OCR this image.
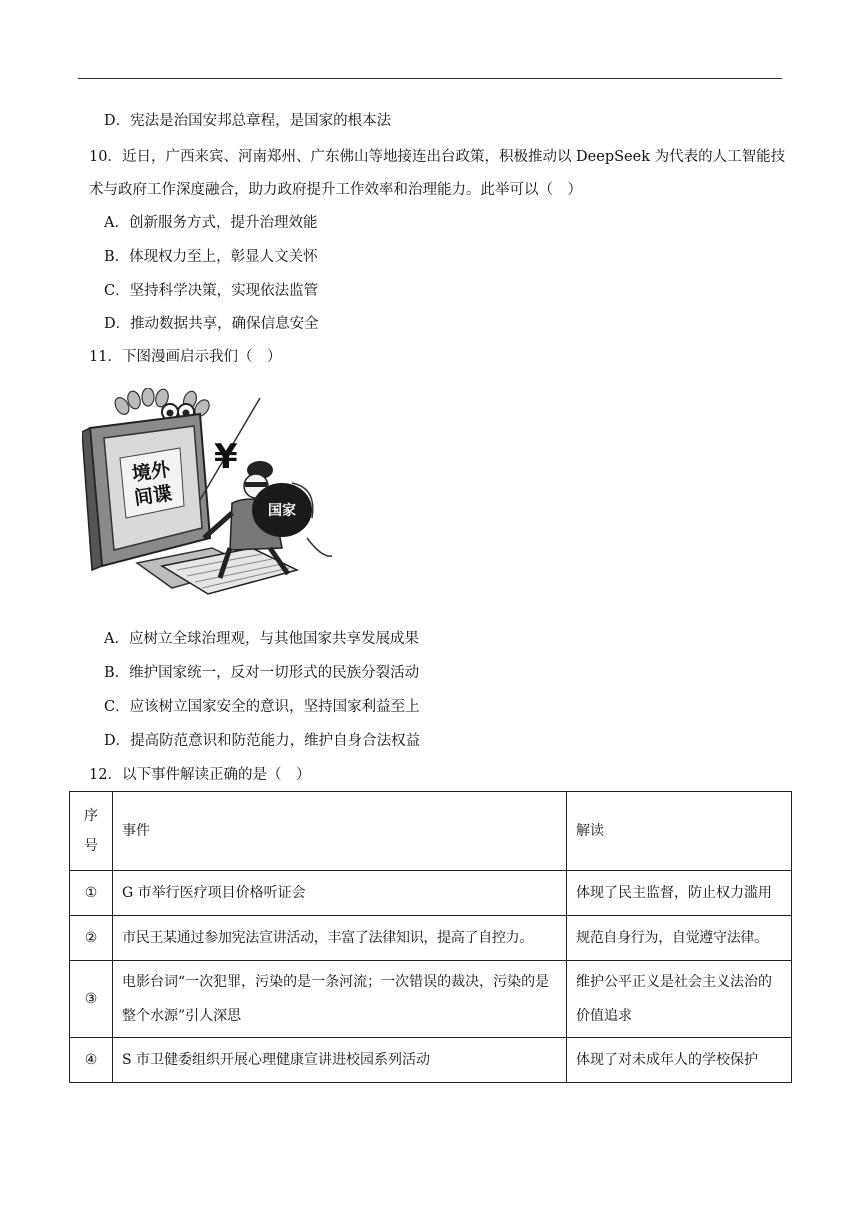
D．宪法是治国安邦总章程，是国家的根本法
10．近日，广西来宾、河南郑州、广东佛山等地接连出台政策，积极推动以 DeepSeek 为代表的人工智能技
术与政府工作深度融合，助力政府提升工作效率和治理能力。此举可以（　）
A．创新服务方式，提升治理效能
B．体现权力至上，彰显人文关怀
C．坚持科学决策，实现依法监管
D．推动数据共享，确保信息安全
11．下图漫画启示我们（　）
境外
间谍
¥
国家
A．应树立全球治理观，与其他国家共享发展成果
B．维护国家统一，反对一切形式的民族分裂活动
C．应该树立国家安全的意识，坚持国家利益至上
D．提高防范意识和防范能力，维护自身合法权益
12．以下事件解读正确的是（　）
序
号	事件	解读
①	G 市举行医疗项目价格听证会	体现了民主监督，防止权力滥用
②	市民王某通过参加宪法宣讲活动，丰富了法律知识，提高了自控力。	规范自身行为，自觉遵守法律。
③	电影台词“一次犯罪，污染的是一条河流；一次错误的裁决，污染的是整个水源”引人深思	维护公平正义是社会主义法治的价值追求
④	S 市卫健委组织开展心理健康宣讲进校园系列活动	体现了对未成年人的学校保护
